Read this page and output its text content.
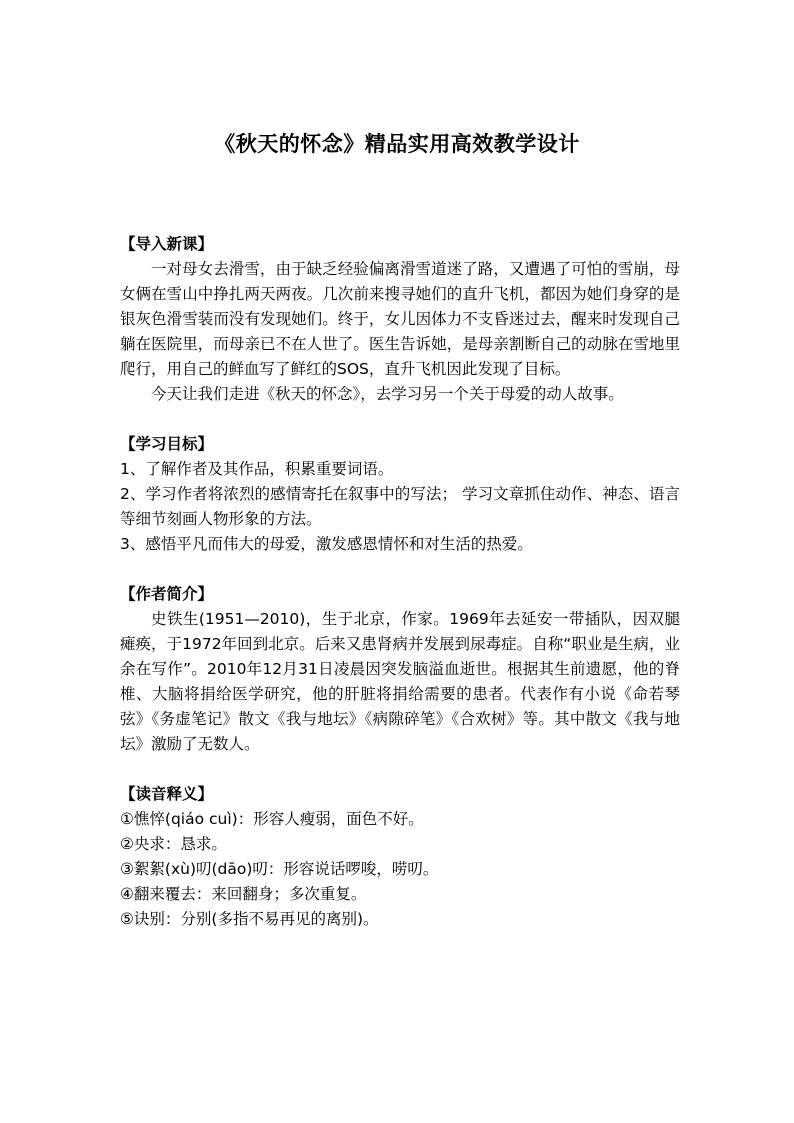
《秋天的怀念》精品实用高效教学设计
【导入新课】

一对母女去滑雪，由于缺乏经验偏离滑雪道迷了路，又遭遇了可怕的雪崩，母女俩在雪山中挣扎两天两夜。几次前来搜寻她们的直升飞机，都因为她们身穿的是银灰色滑雪装而没有发现她们。终于，女儿因体力不支昏迷过去，醒来时发现自己躺在医院里，而母亲已不在人世了。医生告诉她，是母亲割断自己的动脉在雪地里爬行，用自己的鲜血写了鲜红的SOS，直升飞机因此发现了目标。

今天让我们走进《秋天的怀念》，去学习另一个关于母爱的动人故事。

【学习目标】

1、了解作者及其作品，积累重要词语。

2、学习作者将浓烈的感情寄托在叙事中的写法； 学习文章抓住动作、神态、语言等细节刻画人物形象的方法。

3、感悟平凡而伟大的母爱，激发感恩情怀和对生活的热爱。

【作者简介】

史铁生(1951—2010)，生于北京，作家。1969年去延安一带插队，因双腿瘫痪，于1972年回到北京。后来又患肾病并发展到尿毒症。自称“职业是生病，业余在写作”。2010年12月31日凌晨因突发脑溢血逝世。根据其生前遗愿，他的脊椎、大脑将捐给医学研究，他的肝脏将捐给需要的患者。代表作有小说《命若琴弦》《务虚笔记》散文《我与地坛》《病隙碎笔》《合欢树》等。其中散文《我与地坛》激励了无数人。

【读音释义】

①憔悴(qiáo cuì)：形容人瘦弱，面色不好。

②央求：恳求。

③絮絮(xù)叨(dāo)叨：形容说话啰唆，唠叨。

④翻来覆去：来回翻身；多次重复。

⑤诀别：分别(多指不易再见的离别)。
